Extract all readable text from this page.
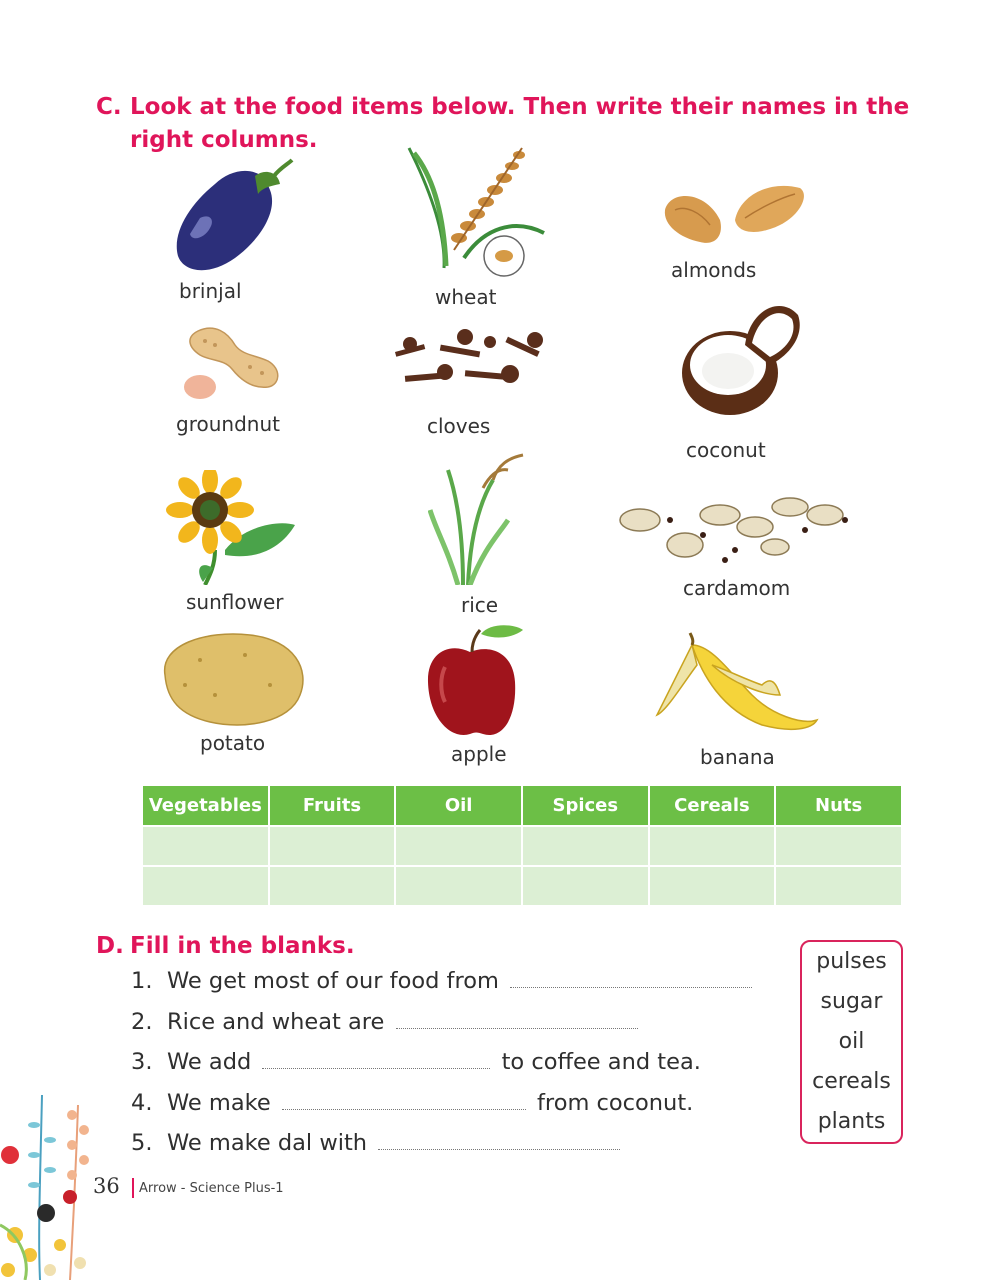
C. Look at the food items below. Then write their names in the right columns.
brinjal	wheat
almonds
groundnut	cloves
coconut
sunflower	rice
cardamom
potato	apple	banana
Vegetables	Fruits	Oil	Spices	Cereals	Nuts

D. Fill in the blanks.
1. We get most of our food from
2. Rice and wheat are
3. We add	to coffee and tea.
4. We make	from coconut.
5. We make dal with
pulses
sugar
oil
cereals
plants
36 Arrow - Science Plus-1
